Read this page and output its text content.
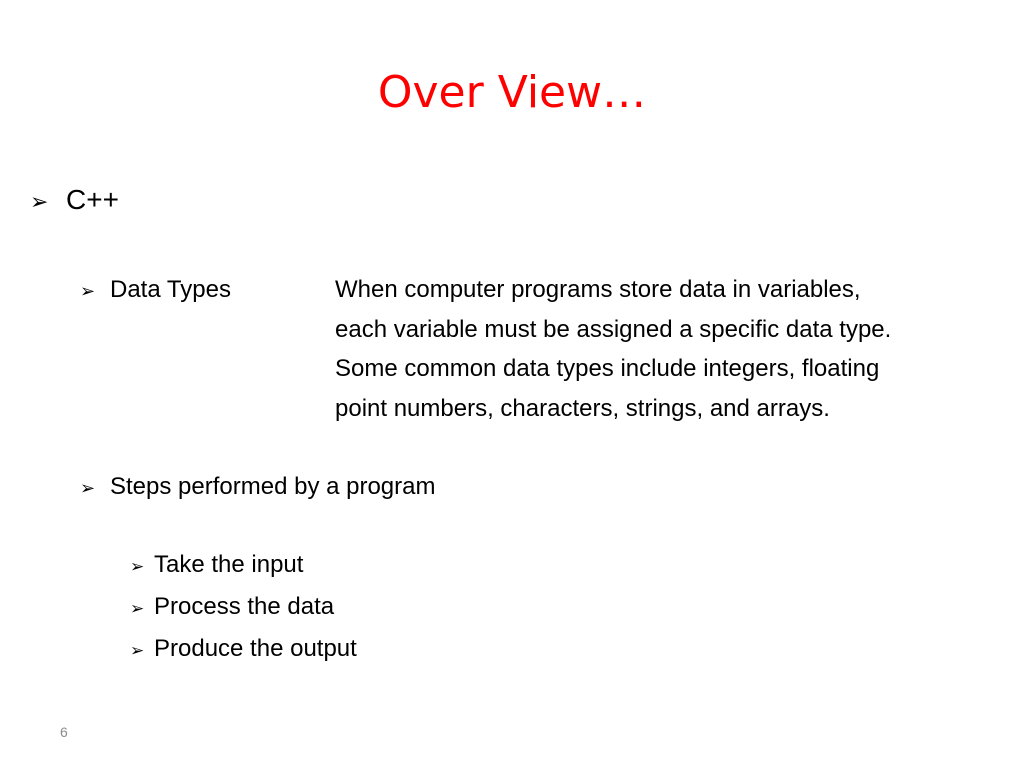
Over View…
➢ C++
➢ Data Types	When computer programs store data in variables,
each variable must be assigned a specific data type.
Some common data types include integers, floating
point numbers, characters, strings, and arrays.
➢ Steps performed by a program
➢ Take the input
➢ Process the data
➢ Produce the output
6
